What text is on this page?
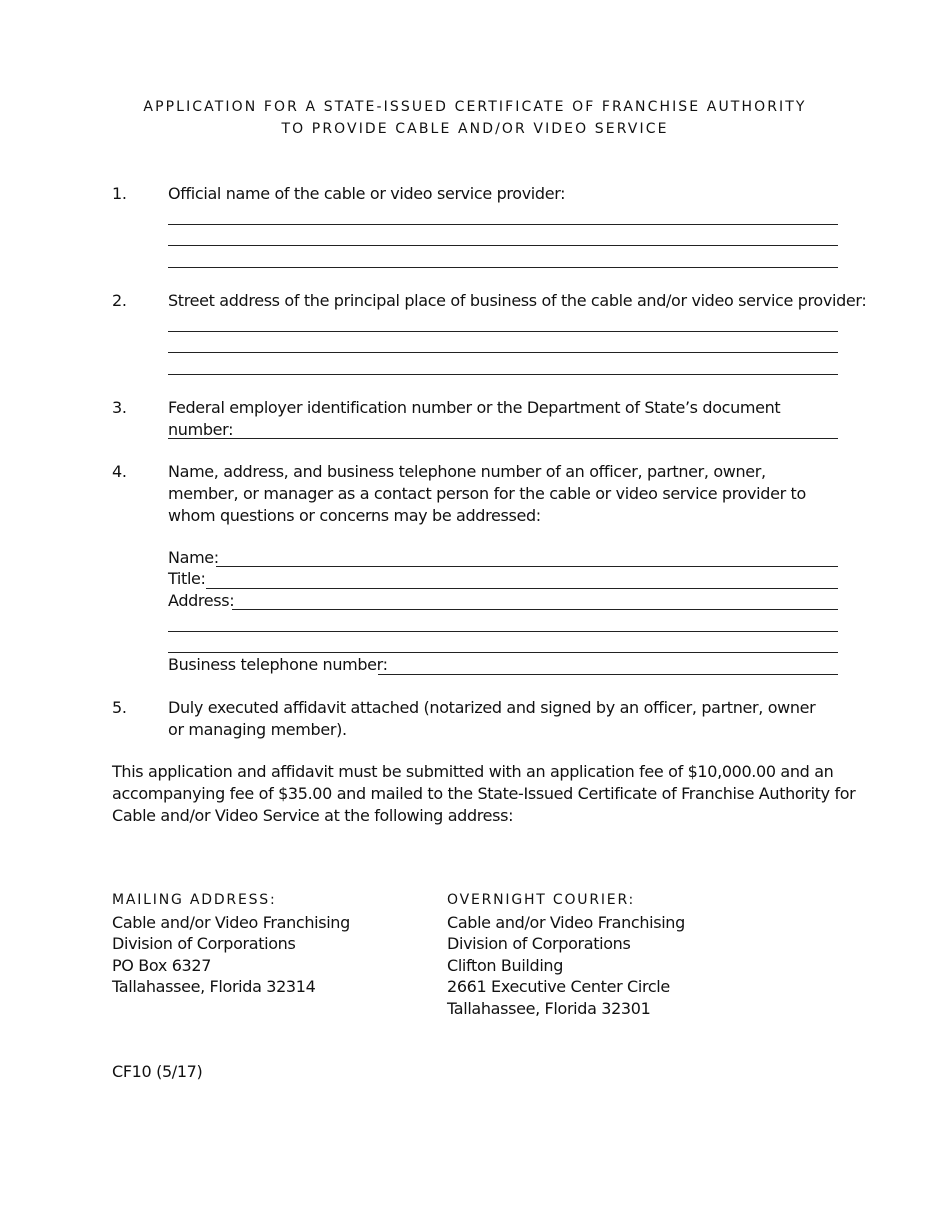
APPLICATION FOR A STATE-ISSUED CERTIFICATE OF FRANCHISE AUTHORITY
TO PROVIDE CABLE AND/OR VIDEO SERVICE
1.	Official name of the cable or video service provider:
2.	Street address of the principal place of business of the cable and/or video service provider:
3.	Federal employer identification number or the Department of State’s document number:
4.	Name, address, and business telephone number of an officer, partner, owner, member, or manager as a contact person for the cable or video service provider to whom questions or concerns may be addressed:
Name:
Title:
Address:
Business telephone number:
5.	Duly executed affidavit attached (notarized and signed by an officer, partner, owner or managing member).
This application and affidavit must be submitted with an application fee of $10,000.00 and an accompanying fee of $35.00 and mailed to the State-Issued Certificate of Franchise Authority for Cable and/or Video Service at the following address:
MAILING ADDRESS:
Cable and/or Video Franchising
Division of Corporations
PO Box 6327
Tallahassee, Florida 32314
OVERNIGHT COURIER:
Cable and/or Video Franchising
Division of Corporations
Clifton Building
2661 Executive Center Circle
Tallahassee, Florida 32301
CF10 (5/17)
